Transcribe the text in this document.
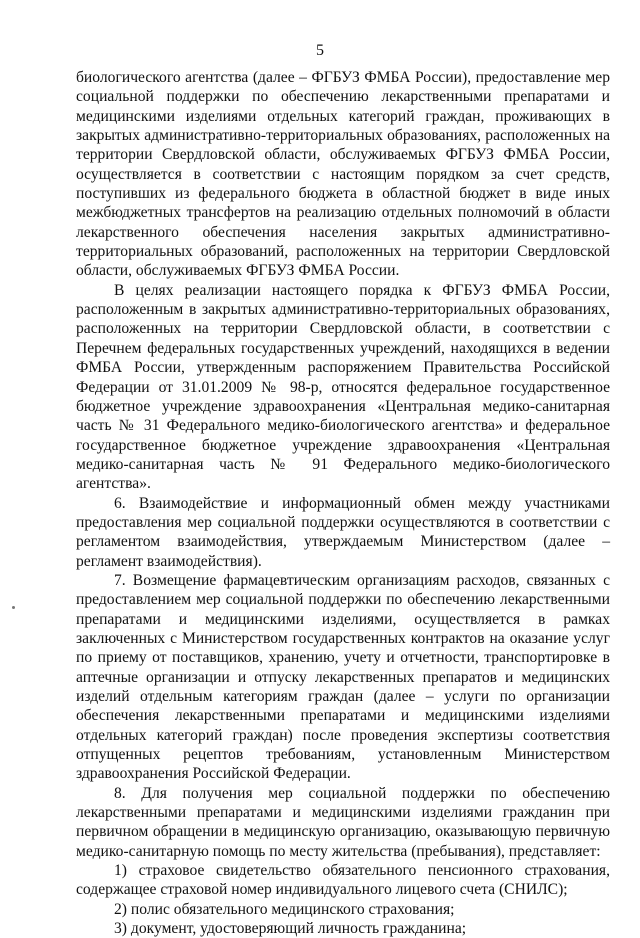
5

биологического агентства (далее – ФГБУЗ ФМБА России), предоставление мер социальной поддержки по обеспечению лекарственными препаратами и медицинскими изделиями отдельных категорий граждан, проживающих в закрытых административно-территориальных образованиях, расположенных на территории Свердловской области, обслуживаемых ФГБУЗ ФМБА России, осуществляется в соответствии с настоящим порядком за счет средств, поступивших из федерального бюджета в областной бюджет в виде иных межбюджетных трансфертов на реализацию отдельных полномочий в области лекарственного обеспечения населения закрытых административно-территориальных образований, расположенных на территории Свердловской области, обслуживаемых ФГБУЗ ФМБА России.

В целях реализации настоящего порядка к ФГБУЗ ФМБА России, расположенным в закрытых административно-территориальных образованиях, расположенных на территории Свердловской области, в соответствии с Перечнем федеральных государственных учреждений, находящихся в ведении ФМБА России, утвержденным распоряжением Правительства Российской Федерации от 31.01.2009 № 98-р, относятся федеральное государственное бюджетное учреждение здравоохранения «Центральная медико-санитарная часть № 31 Федерального медико-биологического агентства» и федеральное государственное бюджетное учреждение здравоохранения «Центральная медико-санитарная часть № 91 Федерального медико-биологического агентства».

6. Взаимодействие и информационный обмен между участниками предоставления мер социальной поддержки осуществляются в соответствии с регламентом взаимодействия, утверждаемым Министерством (далее – регламент взаимодействия).

7. Возмещение фармацевтическим организациям расходов, связанных с предоставлением мер социальной поддержки по обеспечению лекарственными препаратами и медицинскими изделиями, осуществляется в рамках заключенных с Министерством государственных контрактов на оказание услуг по приему от поставщиков, хранению, учету и отчетности, транспортировке в аптечные организации и отпуску лекарственных препаратов и медицинских изделий отдельным категориям граждан (далее – услуги по организации обеспечения лекарственными препаратами и медицинскими изделиями отдельных категорий граждан) после проведения экспертизы соответствия отпущенных рецептов требованиям, установленным Министерством здравоохранения Российской Федерации.

8. Для получения мер социальной поддержки по обеспечению лекарственными препаратами и медицинскими изделиями гражданин при первичном обращении в медицинскую организацию, оказывающую первичную медико-санитарную помощь по месту жительства (пребывания), представляет:

1) страховое свидетельство обязательного пенсионного страхования, содержащее страховой номер индивидуального лицевого счета (СНИЛС);

2) полис обязательного медицинского страхования;

3) документ, удостоверяющий личность гражданина;
